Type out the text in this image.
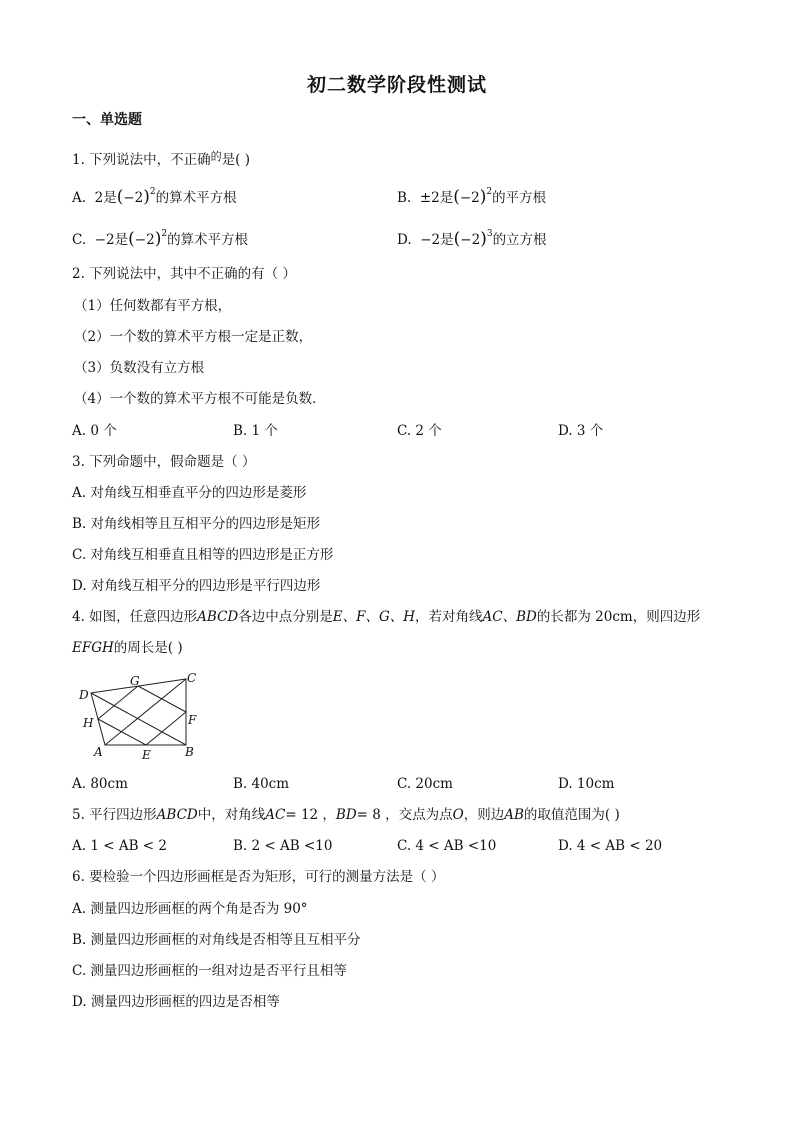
初二数学阶段性测试
一、单选题
1. 下列说法中，不正确$^的$是( )
A. 2是$(-2)^2$的算术平方根	B. ±2是$(-2)^2$的平方根
C. −2是$(-2)^2$的算术平方根	D. −2是$(-2)^3$的立方根
2. 下列说法中，其中不正确的有（ ）
（1）任何数都有平方根，
（2）一个数的算术平方根一定是正数，
（3）负数没有立方根
（4）一个数的算术平方根不可能是负数．
A. 0 个	B. 1 个	C. 2 个	D. 3 个
3. 下列命题中，假命题是（ ）
A. 对角线互相垂直平分的四边形是菱形
B. 对角线相等且互相平分的四边形是矩形
C. 对角线互相垂直且相等的四边形是正方形
D. 对角线互相平分的四边形是平行四边形
4. 如图，任意四边形ABCD各边中点分别是E、F、G、H，若对角线AC、BD的长都为 20cm，则四边形
EFGH的周长是( )
D
G	C
H	F
A	E	B
A. 80cm	B. 40cm	C. 20cm	D. 10cm
5. 平行四边形ABCD中，对角线AC= 12 ，BD= 8 ，交点为点O，则边AB的取值范围为( )
A. 1 < AB < 2	B. 2 < AB <10	C. 4 < AB <10	D. 4 < AB < 20
6. 要检验一个四边形画框是否为矩形，可行的测量方法是（ ）
A. 测量四边形画框的两个角是否为 90°
B. 测量四边形画框的对角线是否相等且互相平分
C. 测量四边形画框的一组对边是否平行且相等
D. 测量四边形画框的四边是否相等
